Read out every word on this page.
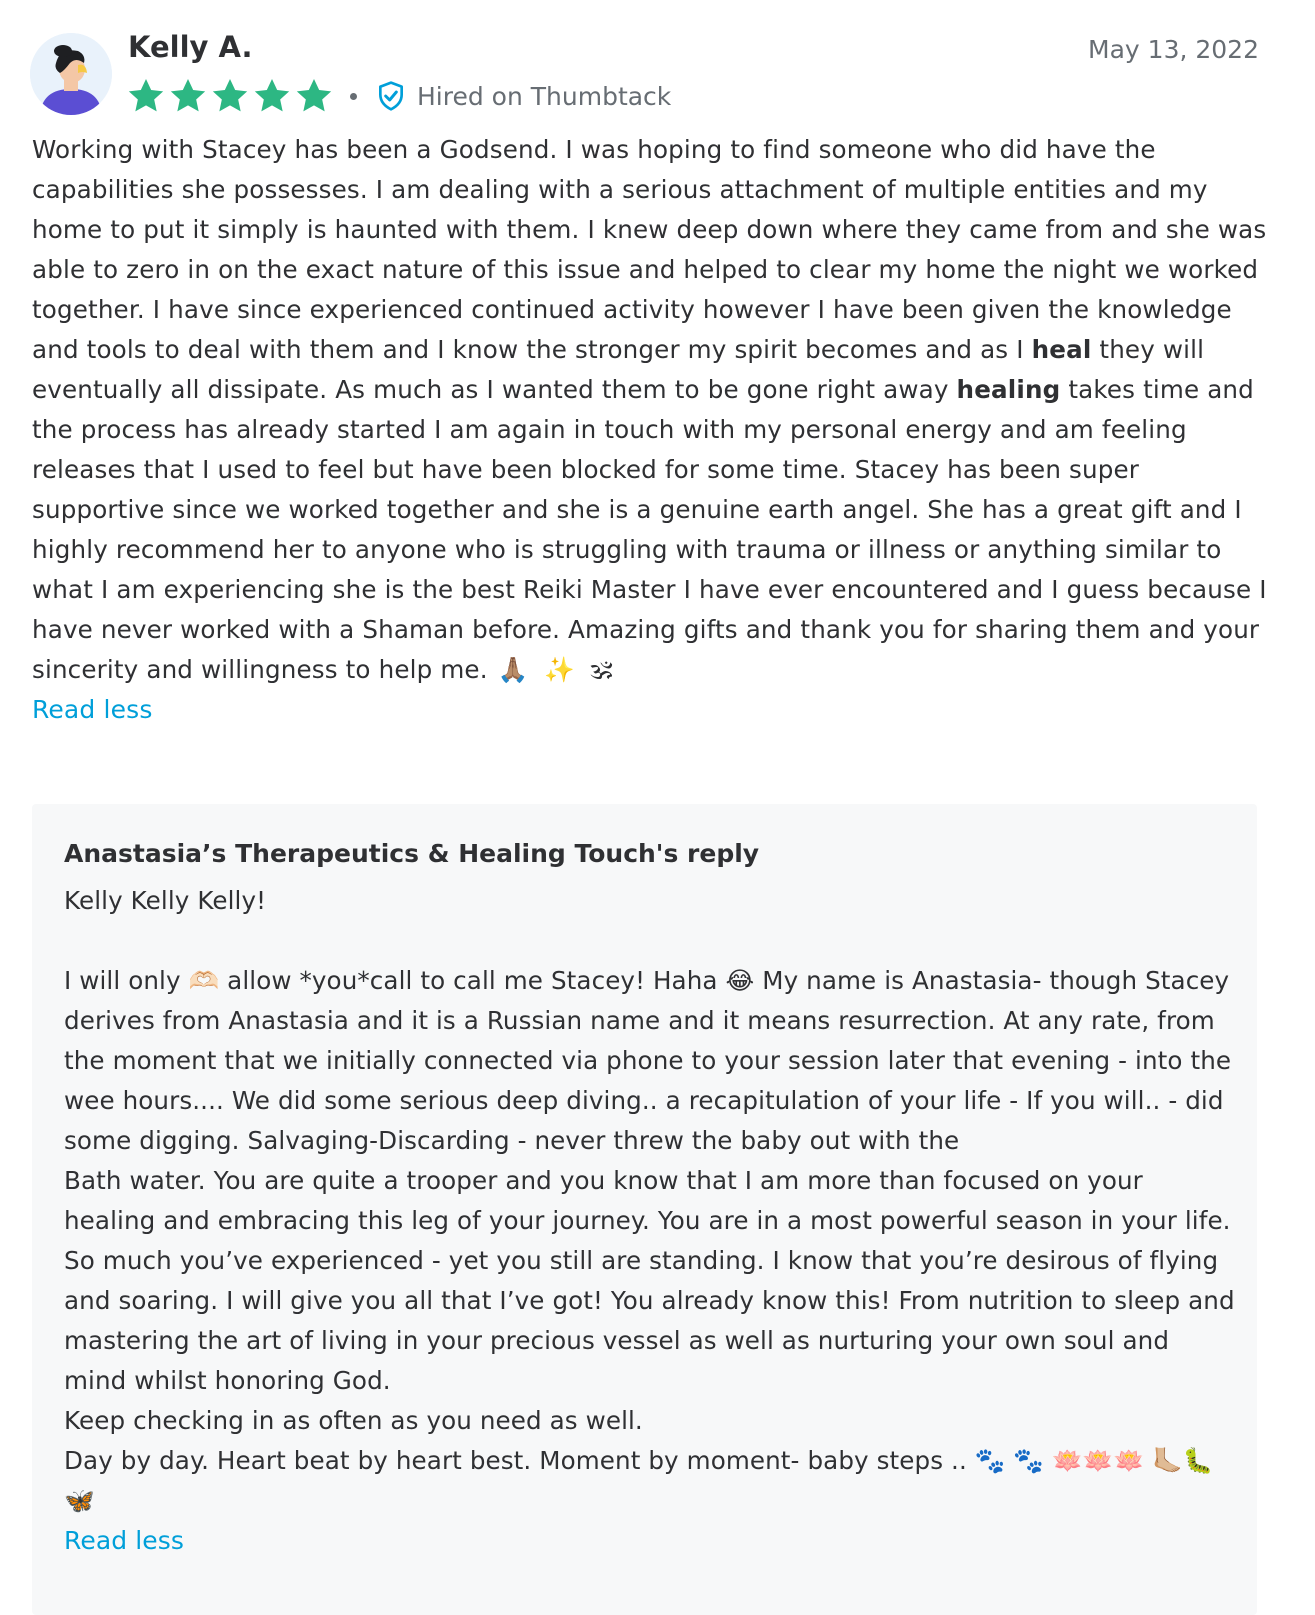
Kelly A.	May 13, 2022
Hired on Thumbtack

Working with Stacey has been a Godsend. I was hoping to find someone who did have the capabilities she possesses. I am dealing with a serious attachment of multiple entities and my home to put it simply is haunted with them. I knew deep down where they came from and she was able to zero in on the exact nature of this issue and helped to clear my home the night we worked together. I have since experienced continued activity however I have been given the knowledge and tools to deal with them and I know the stronger my spirit becomes and as I heal they will eventually all dissipate. As much as I wanted them to be gone right away healing takes time and the process has already started I am again in touch with my personal energy and am feeling releases that I used to feel but have been blocked for some time. Stacey has been super supportive since we worked together and she is a genuine earth angel. She has a great gift and I highly recommend her to anyone who is struggling with trauma or illness or anything similar to what I am experiencing she is the best Reiki Master I have ever encountered and I guess because I have never worked with a Shaman before. Amazing gifts and thank you for sharing them and your sincerity and willingness to help me. 🙏🏽 ✨ 🕉

Read less
Anastasia’s Therapeutics & Healing Touch's reply

Kelly Kelly Kelly!

I will only 🫶🏻 allow *you*call to call me Stacey! Haha 😂 My name is Anastasia- though Stacey derives from Anastasia and it is a Russian name and it means resurrection. At any rate, from the moment that we initially connected via phone to your session later that evening - into the wee hours.... We did some serious deep diving.. a recapitulation of your life - If you will.. - did some digging. Salvaging-Discarding - never threw the baby out with the

Bath water. You are quite a trooper and you know that I am more than focused on your healing and embracing this leg of your journey. You are in a most powerful season in your life. So much you’ve experienced - yet you still are standing. I know that you’re desirous of flying and soaring. I will give you all that I’ve got! You already know this! From nutrition to sleep and mastering the art of living in your precious vessel as well as nurturing your own soul and mind whilst honoring God.

Keep checking in as often as you need as well.

Day by day. Heart beat by heart best. Moment by moment- baby steps .. 🐾 🐾 🪷🪷🪷 🦶🏼🐛🦋

Read less
